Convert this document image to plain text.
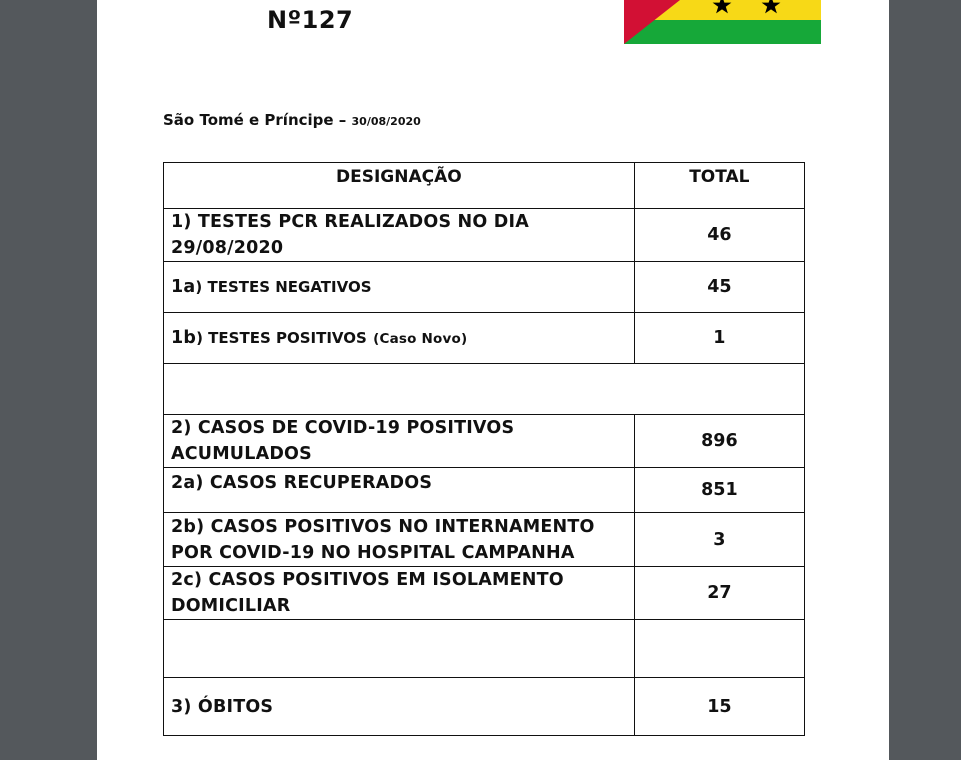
Nº127
São Tomé e Príncipe – 30/08/2020
DESIGNAÇÃO	TOTAL
1) TESTES PCR REALIZADOS NO DIA 29/08/2020	46
1a) TESTES NEGATIVOS	45
1b) TESTES POSITIVOS (Caso Novo)	1

2) CASOS DE COVID-19 POSITIVOS ACUMULADOS	896
2a) CASOS RECUPERADOS	851
2b) CASOS POSITIVOS NO INTERNAMENTO POR COVID-19 NO HOSPITAL CAMPANHA	3
2c) CASOS POSITIVOS EM ISOLAMENTO DOMICILIAR	27

3) ÓBITOS	15
